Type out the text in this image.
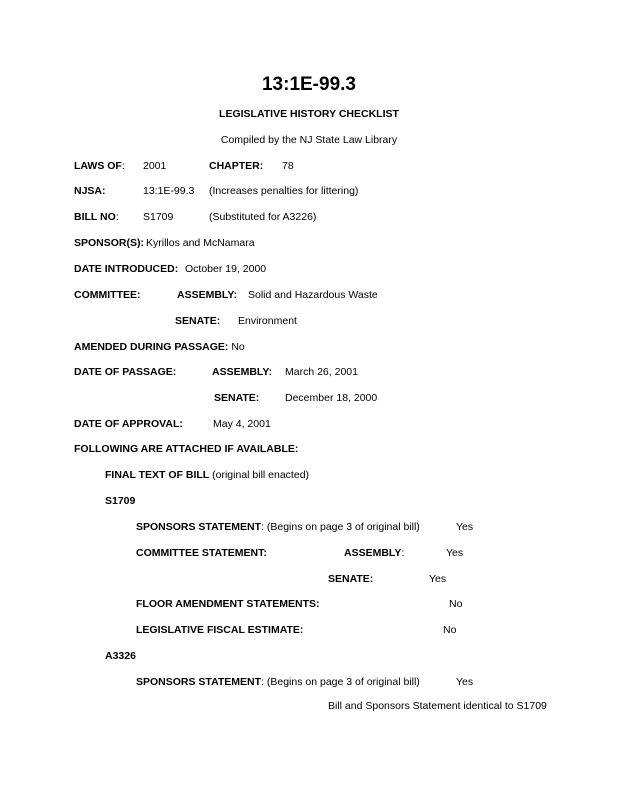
13:1E-99.3
LEGISLATIVE HISTORY CHECKLIST
Compiled by the NJ State Law Library
LAWS OF: 2001	CHAPTER: 78
NJSA:	13:1E-99.3 (Increases penalties for littering)
BILL NO: S1709	(Substituted for A3226)
SPONSOR(S): Kyrillos and McNamara
DATE INTRODUCED: October 19, 2000
COMMITTEE:	ASSEMBLY: Solid and Hazardous Waste
SENATE: Environment
AMENDED DURING PASSAGE: No
DATE OF PASSAGE:	ASSEMBLY: March 26, 2001
SENATE: December 18, 2000
DATE OF APPROVAL:	May 4, 2001
FOLLOWING ARE ATTACHED IF AVAILABLE:
FINAL TEXT OF BILL (original bill enacted)
S1709
SPONSORS STATEMENT: (Begins on page 3 of original bill)	Yes
COMMITTEE STATEMENT:	ASSEMBLY:	Yes
SENATE:	Yes
FLOOR AMENDMENT STATEMENTS:	No
LEGISLATIVE FISCAL ESTIMATE:	No
A3326
SPONSORS STATEMENT: (Begins on page 3 of original bill)	Yes
Bill and Sponsors Statement identical to S1709
